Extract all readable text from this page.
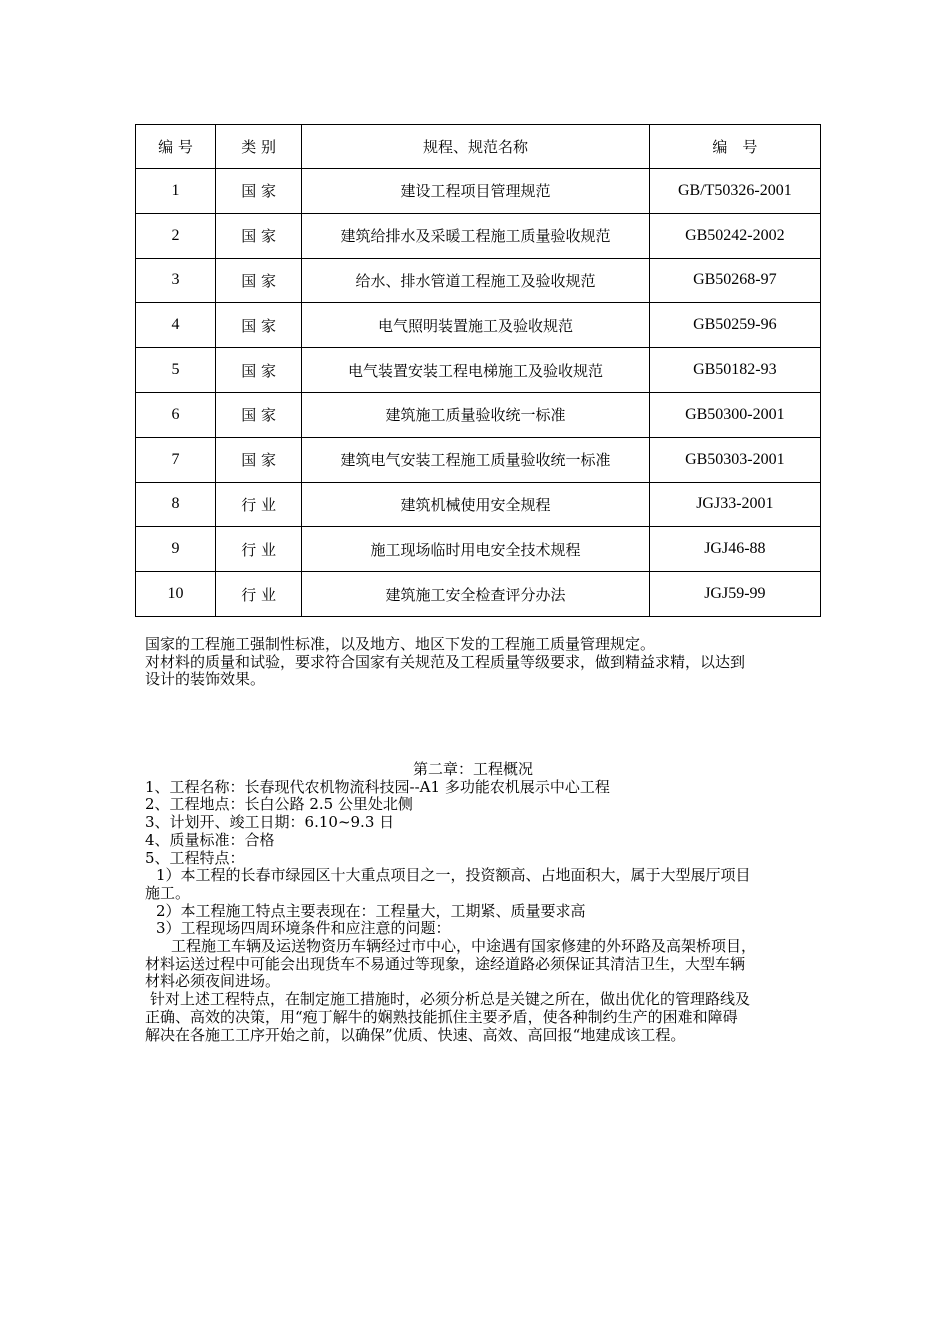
编 号	类 别	规程、规范名称	编　号
1	国 家	建设工程项目管理规范	GB/T50326-2001
2	国 家	建筑给排水及采暖工程施工质量验收规范	GB50242-2002
3	国 家	给水、排水管道工程施工及验收规范	GB50268-97
4	国 家	电气照明装置施工及验收规范	GB50259-96
5	国 家	电气装置安装工程电梯施工及验收规范	GB50182-93
6	国 家	建筑施工质量验收统一标准	GB50300-2001
7	国 家	建筑电气安装工程施工质量验收统一标准	GB50303-2001
8	行 业	建筑机械使用安全规程	JGJ33-2001
9	行 业	施工现场临时用电安全技术规程	JGJ46-88
10	行 业	建筑施工安全检查评分办法	JGJ59-99

国家的工程施工强制性标准，以及地方、地区下发的工程施工质量管理规定。

对材料的质量和试验，要求符合国家有关规范及工程质量等级要求，做到精益求精，以达到

设计的装饰效果。

第二章：工程概况

1、工程名称：长春现代农机物流科技园--A1 多功能农机展示中心工程

2、工程地点：长白公路 2.5 公里处北侧

3、计划开、竣工日期：6.10~9.3 日

4、质量标准：合格

5、工程特点：

1）本工程的长春市绿园区十大重点项目之一，投资额高、占地面积大，属于大型展厅项目

施工。

2）本工程施工特点主要表现在：工程量大，工期紧、质量要求高

3）工程现场四周环境条件和应注意的问题：

工程施工车辆及运送物资历车辆经过市中心，中途遇有国家修建的外环路及高架桥项目，

材料运送过程中可能会出现货车不易通过等现象，途经道路必须保证其清洁卫生，大型车辆

材料必须夜间进场。

针对上述工程特点，在制定施工措施时，必须分析总是关键之所在，做出优化的管理路线及

正确、高效的决策，用“疱丁解牛的娴熟技能抓住主要矛盾，使各种制约生产的困难和障碍

解决在各施工工序开始之前，以确保”优质、快速、高效、高回报“地建成该工程。
